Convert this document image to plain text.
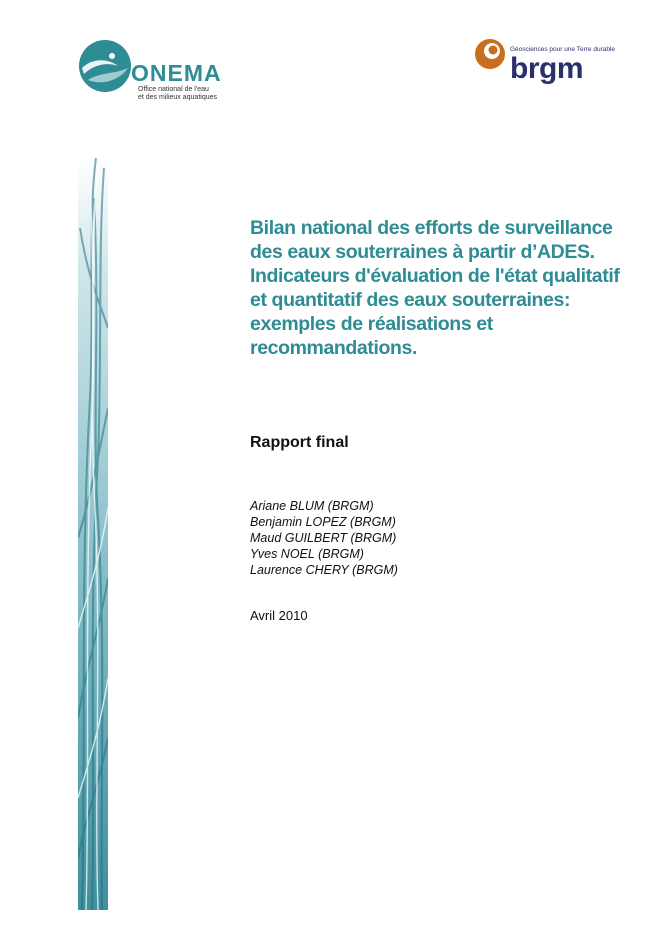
ONEMA
Office national de l'eau
et des milieux aquatiques
Géosciences pour une Terre durable
brgm
Bilan national des efforts de surveillance des eaux souterraines à partir d’ADES. Indicateurs d'évaluation de l'état qualitatif et quantitatif des eaux souterraines: exemples de réalisations et recommandations.

Rapport final

Ariane BLUM (BRGM)
Benjamin LOPEZ (BRGM)
Maud GUILBERT (BRGM)
Yves NOEL (BRGM)
Laurence CHERY (BRGM)

Avril 2010
